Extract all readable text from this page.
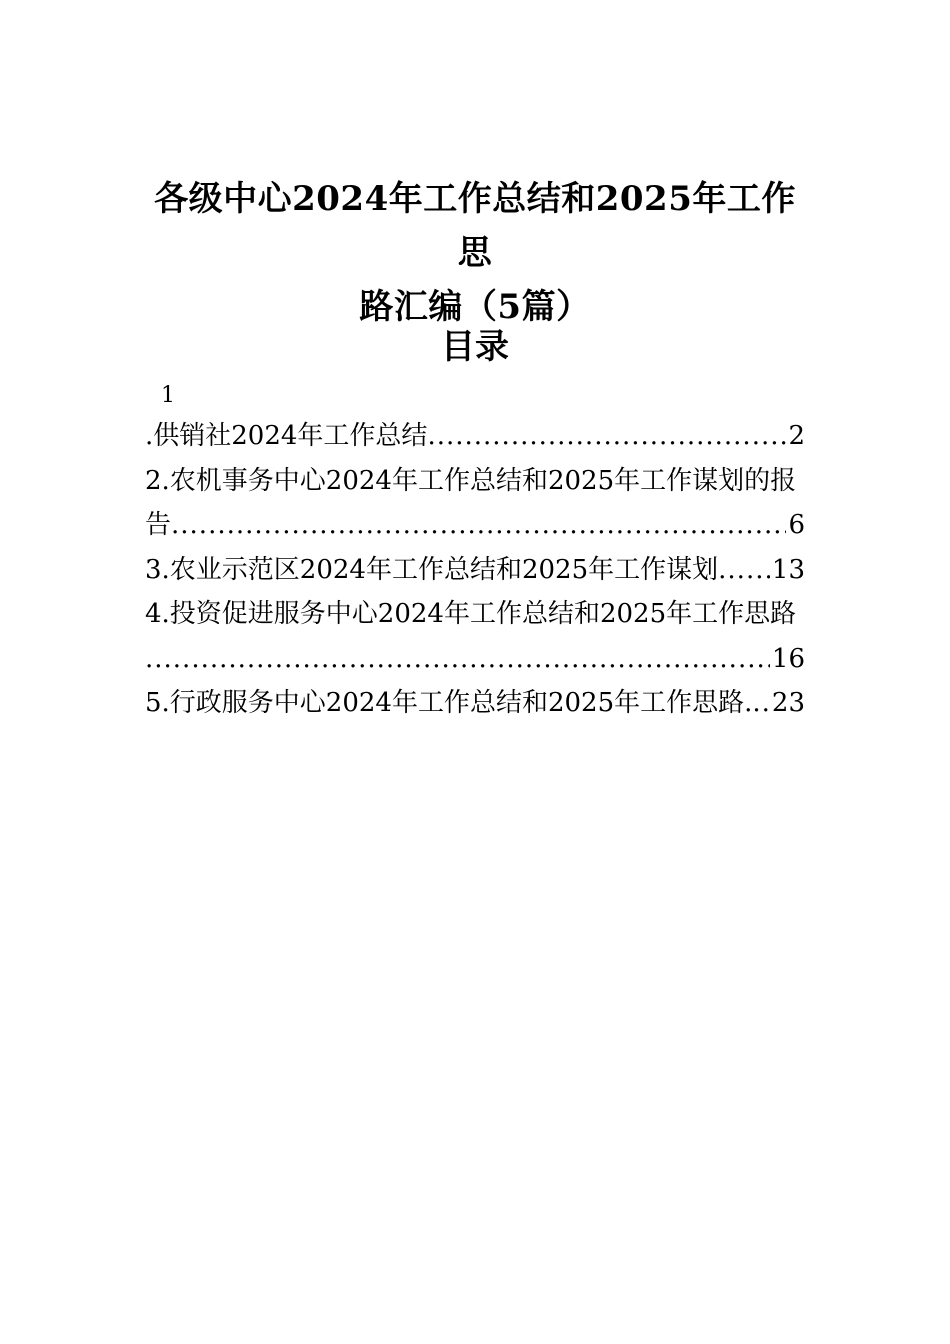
各级中心2024年工作总结和2025年工作思
路汇编（5篇）
目录
1
.供销社2024年工作总结 .....	2
2.农机事务中心2024年工作总结和2025年工作谋划的报
告 .....	6
3.农业示范区2024年工作总结和2025年工作谋划 ..... 13
4.投资促进服务中心2024年工作总结和2025年工作思路
.....
16
5.行政服务中心2024年工作总结和2025年工作思路. ..... 23
